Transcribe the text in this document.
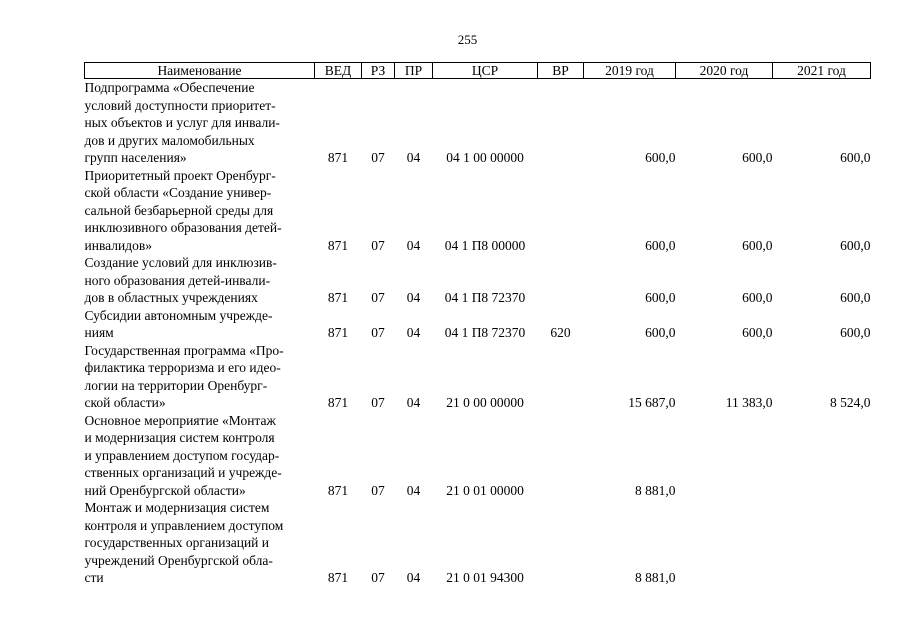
255
Наименование	ВЕД	РЗ	ПР	ЦСР	ВР	2019 год	2020 год	2021 год
Подпрограмма «Обеспечение
условий доступности приоритет-
ных объектов и услуг для инвали-
дов и других маломобильных
групп населения»	871	07	04	04 1 00 00000		600,0	600,0	600,0
Приоритетный проект Оренбург-
ской области «Создание универ-
сальной безбарьерной среды для
инклюзивного образования детей-
инвалидов»	871	07	04	04 1 П8 00000		600,0	600,0	600,0
Создание условий для инклюзив-
ного образования детей-инвали-
дов в областных учреждениях	871	07	04	04 1 П8 72370		600,0	600,0	600,0
Субсидии автономным учрежде-
ниям	871	07	04	04 1 П8 72370	620	600,0	600,0	600,0
Государственная программа «Про-
филактика терроризма и его идео-
логии на территории Оренбург-
ской области»	871	07	04	21 0 00 00000		15 687,0	11 383,0	8 524,0
Основное мероприятие «Монтаж
и модернизация систем контроля
и управлением доступом государ-
ственных организаций и учрежде-
ний Оренбургской области»	871	07	04	21 0 01 00000		8 881,0		
Монтаж и модернизация систем
контроля и управлением доступом
государственных организаций и
учреждений Оренбургской обла-
сти	871	07	04	21 0 01 94300		8 881,0		
